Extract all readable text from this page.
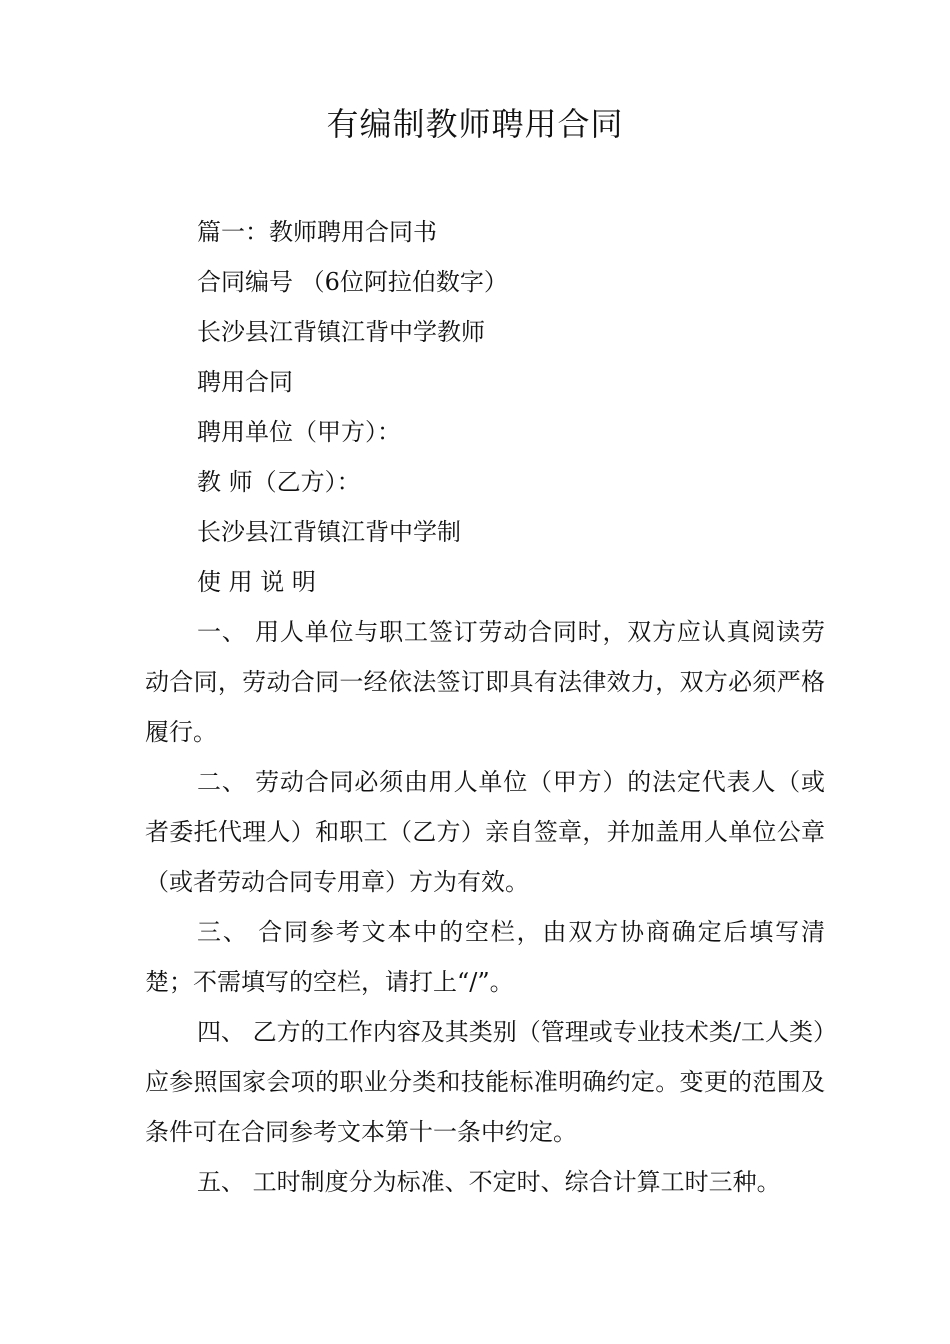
有编制教师聘用合同

篇一：教师聘用合同书

合同编号 （6位阿拉伯数字）

长沙县江背镇江背中学教师

聘用合同

聘用单位（甲方）：

教 师（乙方）：

长沙县江背镇江背中学制

使 用 说 明

一、 用人单位与职工签订劳动合同时，双方应认真阅读劳动合同，劳动合同一经依法签订即具有法律效力，双方必须严格履行。

二、 劳动合同必须由用人单位（甲方）的法定代表人（或者委托代理人）和职工（乙方）亲自签章，并加盖用人单位公章（或者劳动合同专用章）方为有效。

三、 合同参考文本中的空栏，由双方协商确定后填写清楚；不需填写的空栏，请打上“/”。

四、 乙方的工作内容及其类别（管理或专业技术类/工人类）应参照国家会项的职业分类和技能标准明确约定。变更的范围及条件可在合同参考文本第十一条中约定。

五、 工时制度分为标准、不定时、综合计算工时三种。
